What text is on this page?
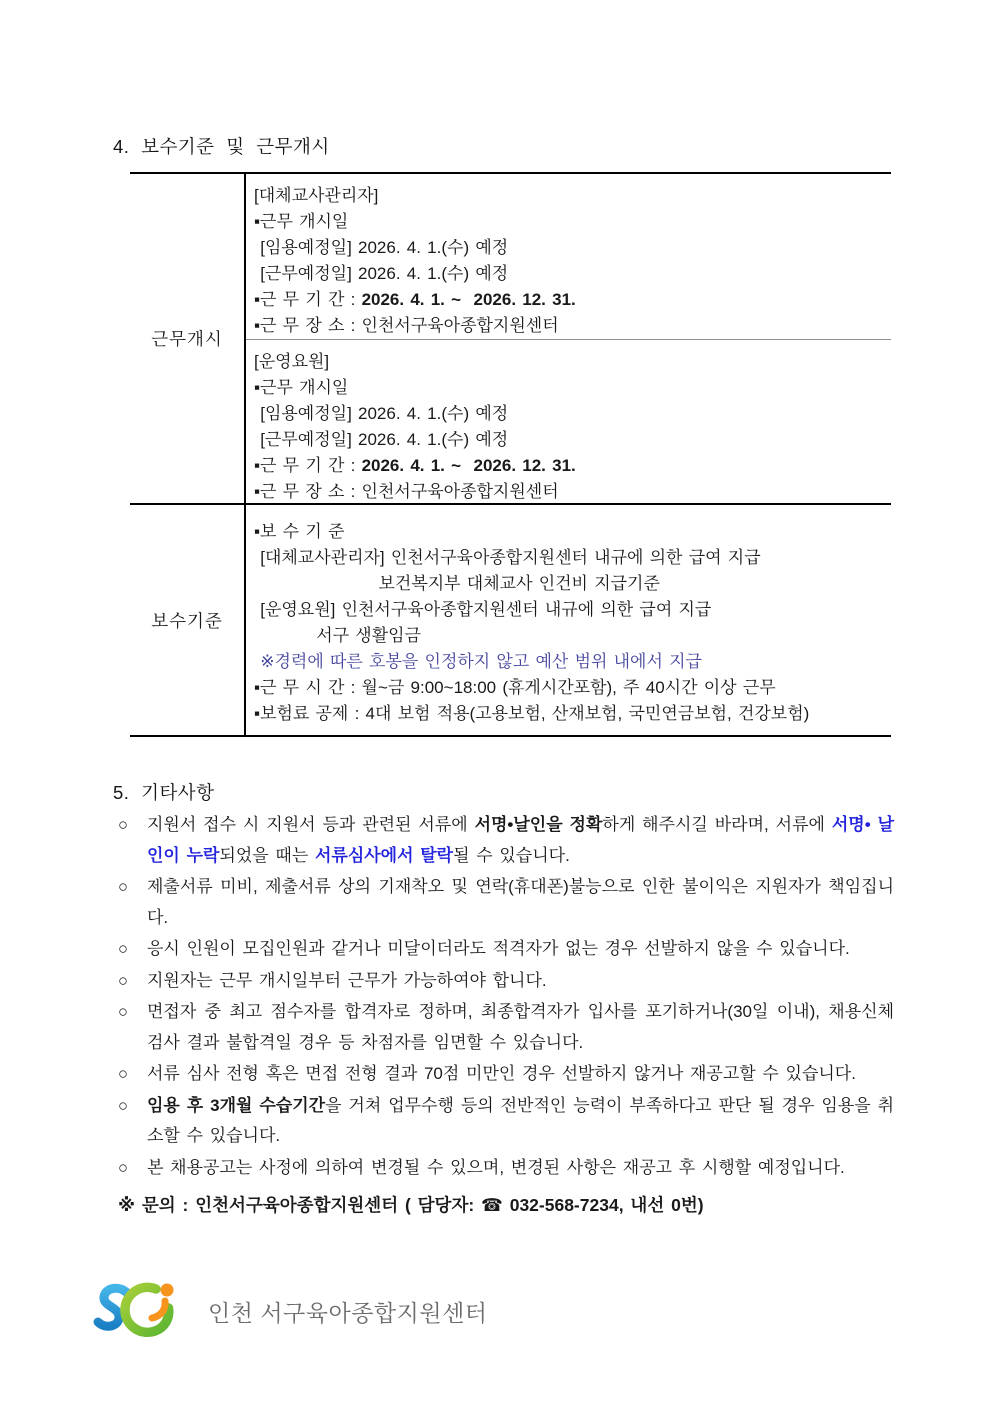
4. 보수기준 및 근무개시
근무개시
[대체교사관리자]
▪근무 개시일
[임용예정일] 2026. 4. 1.(수) 예정
[근무예정일] 2026. 4. 1.(수) 예정
▪근 무 기 간 : 2026. 4. 1. ~  2026. 12. 31.
▪근 무 장 소 : 인천서구육아종합지원센터
[운영요원]
▪근무 개시일
[임용예정일] 2026. 4. 1.(수) 예정
[근무예정일] 2026. 4. 1.(수) 예정
▪근 무 기 간 : 2026. 4. 1. ~  2026. 12. 31.
▪근 무 장 소 : 인천서구육아종합지원센터
보수기준
▪보 수 기 준
[대체교사관리자] 인천서구육아종합지원센터 내규에 의한 급여 지급
보건복지부 대체교사 인건비 지급기준
[운영요원] 인천서구육아종합지원센터 내규에 의한 급여 지급
서구 생활임금
※경력에 따른 호봉을 인정하지 않고 예산 범위 내에서 지급
▪근 무 시 간 : 월~금 9:00~18:00 (휴게시간포함), 주 40시간 이상 근무
▪보험료 공제 : 4대 보험 적용(고용보험, 산재보험, 국민연금보험, 건강보험)
5. 기타사항
○	지원서 접수 시 지원서 등과 관련된 서류에 서명•날인을 정확하게 해주시길 바라며, 서류에 서명• 날인이 누락되었을 때는 서류심사에서 탈락될 수 있습니다.
○	제출서류 미비, 제출서류 상의 기재착오 및 연락(휴대폰)불능으로 인한 불이익은 지원자가 책임집니다.
○	응시 인원이 모집인원과 같거나 미달이더라도 적격자가 없는 경우 선발하지 않을 수 있습니다.
○	지원자는 근무 개시일부터 근무가 가능하여야 합니다.
○	면접자 중 최고 점수자를 합격자로 정하며, 최종합격자가 입사를 포기하거나(30일 이내), 채용신체 검사 결과 불합격일 경우 등 차점자를 임면할 수 있습니다.
○	서류 심사 전형 혹은 면접 전형 결과 70점 미만인 경우 선발하지 않거나 재공고할 수 있습니다.
○	임용 후 3개월 수습기간을 거쳐 업무수행 등의 전반적인 능력이 부족하다고 판단 될 경우 임용을 취소할 수 있습니다.
○	본 채용공고는 사정에 의하여 변경될 수 있으며, 변경된 사항은 재공고 후 시행할 예정입니다.
※ 문의 : 인천서구육아종합지원센터 ( 담당자: ☎ 032-568-7234, 내선 0번)
인천 서구육아종합지원센터
